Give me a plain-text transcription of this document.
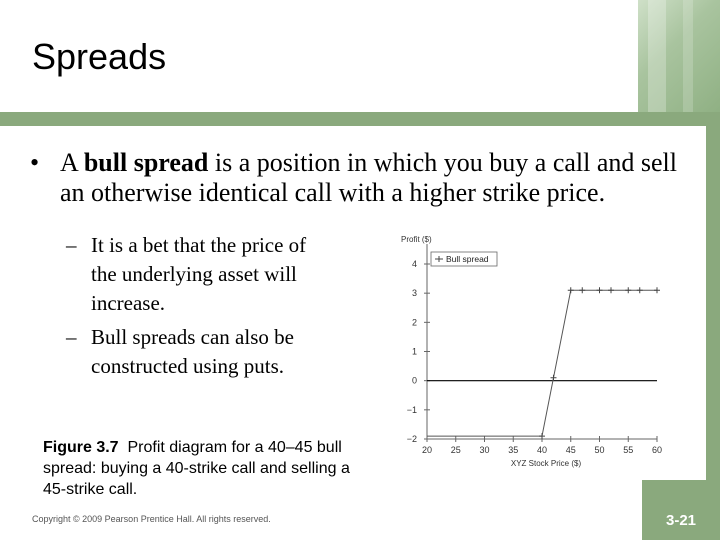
Spreads
• A bull spread is a position in which you buy a call and sell an otherwise identical call with a higher strike price.
– It is a bet that the price of the underlying asset will increase.
– Bull spreads can also be constructed using puts.
Figure 3.7 Profit diagram for a 40–45 bull spread: buying a 40-strike call and selling a 45-strike call.
−2
−1
0
1
2
3
4
20 25 30 35 40 45 50 55 60
Profit ($)
XYZ Stock Price ($)
Bull spread
Copyright © 2009 Pearson Prentice Hall. All rights reserved.	3-21
